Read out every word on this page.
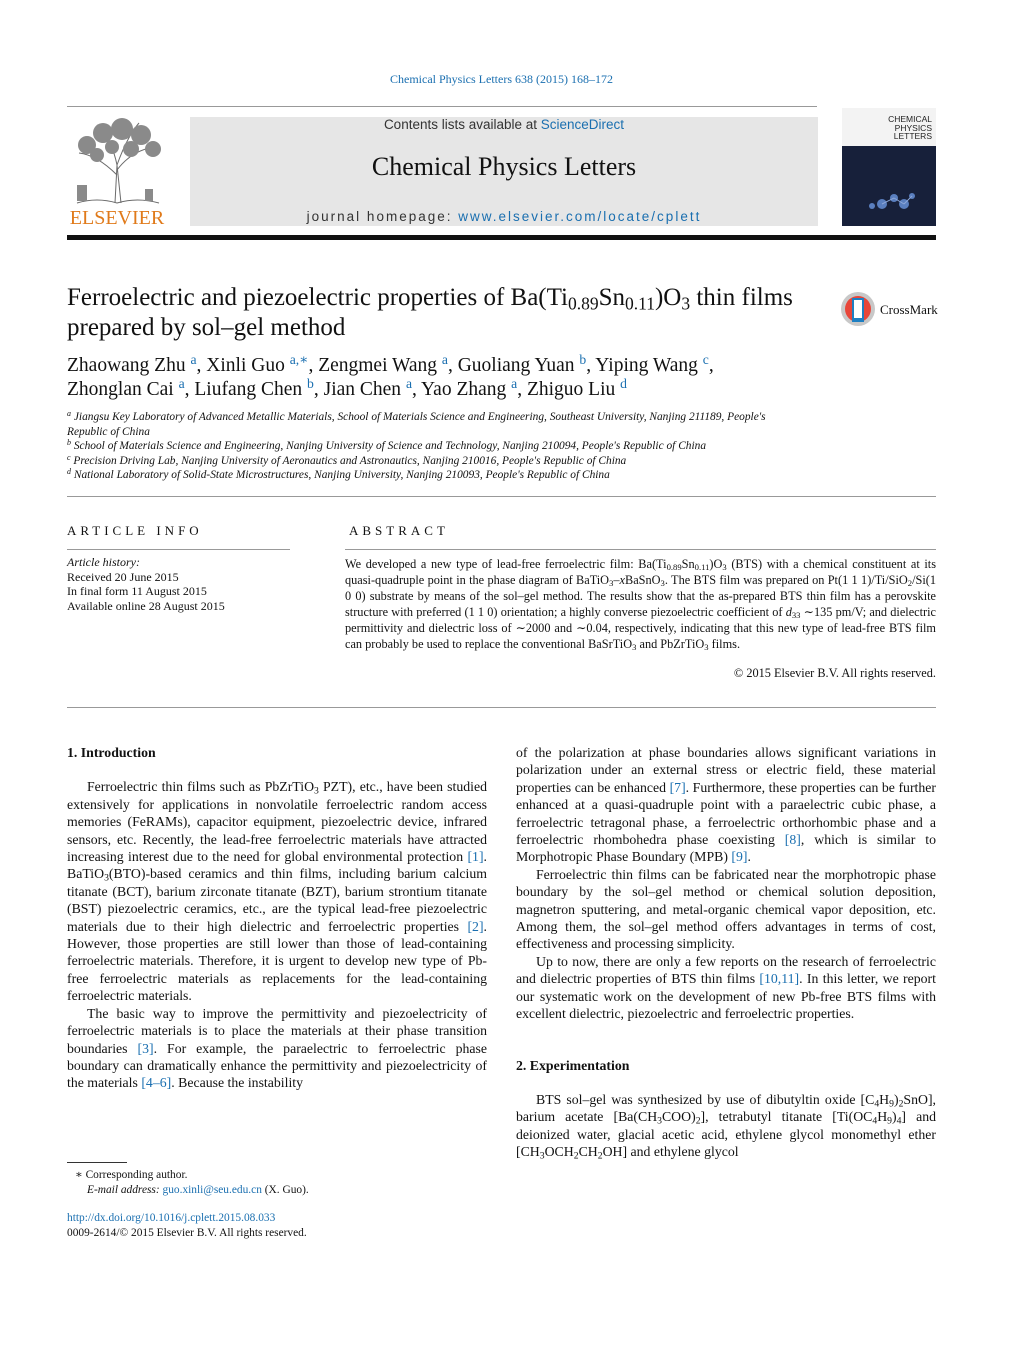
Chemical Physics Letters 638 (2015) 168–172
ELSEVIER
Contents lists available at ScienceDirect
Chemical Physics Letters
journal homepage: www.elsevier.com/locate/cplett
CHEMICAL PHYSICS LETTERS
Ferroelectric and piezoelectric properties of $Ba(Ti_{0.89}Sn_{0.11})O_3$ thin films prepared by sol–gel method
CrossMark
Zhaowang Zhu $^a$, Xinli Guo $^{a,∗}$, Zengmei Wang $^a$, Guoliang Yuan $^b$, Yiping Wang $^c$,
Zhonglan Cai $^a$, Liufang Chen $^b$, Jian Chen $^a$, Yao Zhang $^a$, Zhiguo Liu $^d$

$^a$ Jiangsu Key Laboratory of Advanced Metallic Materials, School of Materials Science and Engineering, Southeast University, Nanjing 211189, People's Republic of China

$^b$ School of Materials Science and Engineering, Nanjing University of Science and Technology, Nanjing 210094, People's Republic of China

$^c$ Precision Driving Lab, Nanjing University of Aeronautics and Astronautics, Nanjing 210016, People's Republic of China

$^d$ National Laboratory of Solid-State Microstructures, Nanjing University, Nanjing 210093, People's Republic of China

ARTICLE INFO
Article history:
Received 20 June 2015
In final form 11 August 2015
Available online 28 August 2015
ABSTRACT
We developed a new type of lead-free ferroelectric film: $Ba(Ti_{0.89}Sn_{0.11})O_3$ (BTS) with a chemical constituent at its quasi-quadruple point in the phase diagram of BaTiO$_3$–xBaSnO$_3$. The BTS film was prepared on Pt(1 1 1)/Ti/SiO$_2$/Si(1 0 0) substrate by means of the sol–gel method. The results show that the as-prepared BTS thin film has a perovskite structure with preferred (1 1 0) orientation; a highly converse piezoelectric coefficient of $d_{33}$ ∼135 pm/V; and dielectric permittivity and dielectric loss of ∼2000 and ∼0.04, respectively, indicating that this new type of lead-free BTS film can probably be used to replace the conventional BaSrTiO$_3$ and PbZrTiO$_3$ films.
© 2015 Elsevier B.V. All rights reserved.
1. Introduction

Ferroelectric thin films such as PbZrTiO$_3$ PZT), etc., have been studied extensively for applications in nonvolatile ferroelectric random access memories (FeRAMs), capacitor equipment, piezoelectric device, infrared sensors, etc. Recently, the lead-free ferroelectric materials have attracted increasing interest due to the need for global environmental protection [1]. BaTiO$_3$(BTO)-based ceramics and thin films, including barium calcium titanate (BCT), barium zirconate titanate (BZT), barium strontium titanate (BST) piezoelectric ceramics, etc., are the typical lead-free piezoelectric materials due to their high dielectric and ferroelectric properties [2]. However, those properties are still lower than those of lead-containing ferroelectric materials. Therefore, it is urgent to develop new type of Pb-free ferroelectric materials as replacements for the lead-containing ferroelectric materials.

The basic way to improve the permittivity and piezoelectricity of ferroelectric materials is to place the materials at their phase transition boundaries [3]. For example, the paraelectric to ferroelectric phase boundary can dramatically enhance the permittivity and piezoelectricity of the materials [4–6]. Because the instability

of the polarization at phase boundaries allows significant variations in polarization under an external stress or electric field, these material properties can be enhanced [7]. Furthermore, these properties can be further enhanced at a quasi-quadruple point with a paraelectric cubic phase, a ferroelectric tetragonal phase, a ferroelectric orthorhombic phase and a ferroelectric rhombohedra phase coexisting [8], which is similar to Morphotropic Phase Boundary (MPB) [9].

Ferroelectric thin films can be fabricated near the morphotropic phase boundary by the sol–gel method or chemical solution deposition, magnetron sputtering, and metal-organic chemical vapor deposition, etc. Among them, the sol–gel method offers advantages in terms of cost, effectiveness and processing simplicity.

Up to now, there are only a few reports on the research of ferroelectric and dielectric properties of BTS thin films [10,11]. In this letter, we report our systematic work on the development of new Pb-free BTS films with excellent dielectric, piezoelectric and ferroelectric properties.

2. Experimentation

BTS sol–gel was synthesized by use of dibutyltin oxide $[C_4H_9)_2SnO$], barium acetate $[Ba(CH_3COO)_2]$, tetrabutyl titanate $[Ti(OC_4H_9)_4]$ and deionized water, glacial acetic acid, ethylene glycol monomethyl ether $[CH_3OCH_2CH_2OH]$ and ethylene glycol

∗ Corresponding author.
E-mail address: guo.xinli@seu.edu.cn (X. Guo).
http://dx.doi.org/10.1016/j.cplett.2015.08.033
0009-2614/© 2015 Elsevier B.V. All rights reserved.
